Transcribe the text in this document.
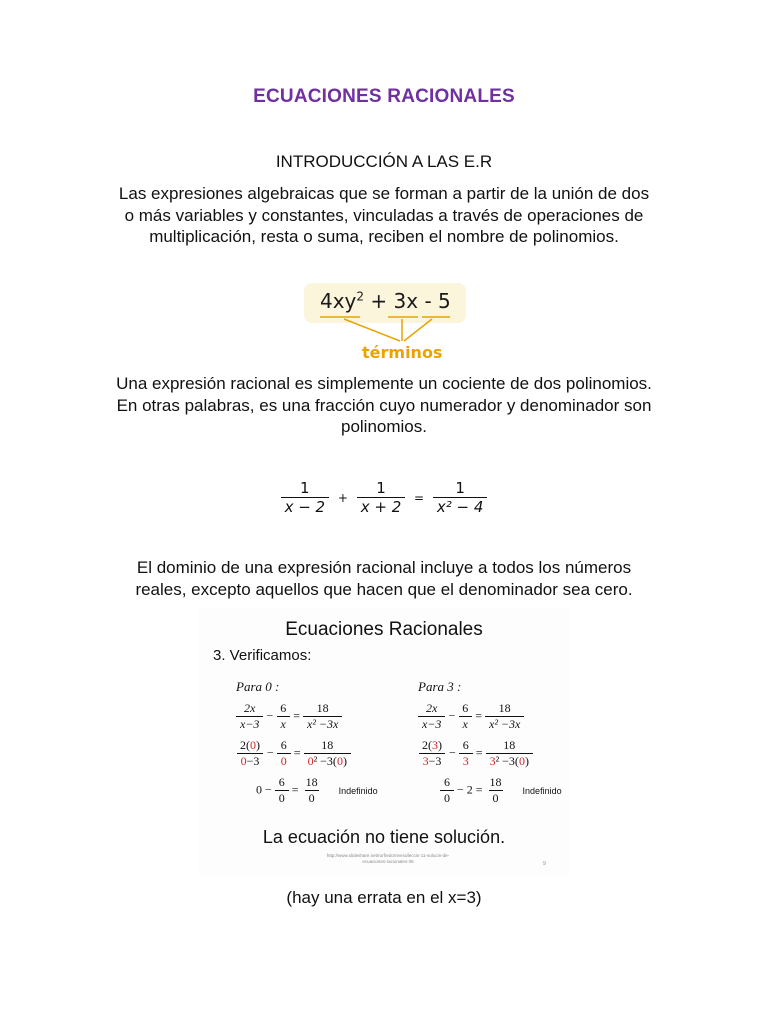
ECUACIONES RACIONALES
INTRODUCCIÓN A LAS E.R
Las expresiones algebraicas que se forman a partir de la unión de dos o más variables y constantes, vinculadas a través de operaciones de multiplicación, resta o suma, reciben el nombre de polinomios.
$4xy^2 + 3x - 5$
términos
Una expresión racional es simplemente un cociente de dos polinomios. En otras palabras, es una fracción cuyo numerador y denominador son polinomios.
$\frac{1}{x - 2} + \frac{1}{x + 2} = \frac{1}{\text{x² − 4}}$
El dominio de una expresión racional incluye a todos los números reales, excepto aquellos que hacen que el denominador sea cero.
Ecuaciones Racionales
3. Verificamos:
Para 0 :
$\frac{2x}{x-3} - \frac{6}{x} = \frac{18}{\text{x² −3x}}$
$\frac{2(0)}{0-3} - \frac{6}{0} = \frac{18}{\text{0² −3(0)}}$
$0 - \frac{6}{0} = \frac{18}{0}$ Indefinido
Para 3 :
$\frac{2x}{x-3} - \frac{6}{x} = \frac{18}{\text{x² −3x}}$
$\frac{2(3)}{3-3} - \frac{6}{3} = \frac{18}{\text{3² −3(0)}}$
$\frac{6}{0} - 2 = \frac{18}{0}$ Indefinido
La ecuación no tiene solución.
http://www.slideshare.net/rurfredorrivera/leccin-11-solucin-de-ecuaciones-racionales-35	9
(hay una errata en el x=3)
